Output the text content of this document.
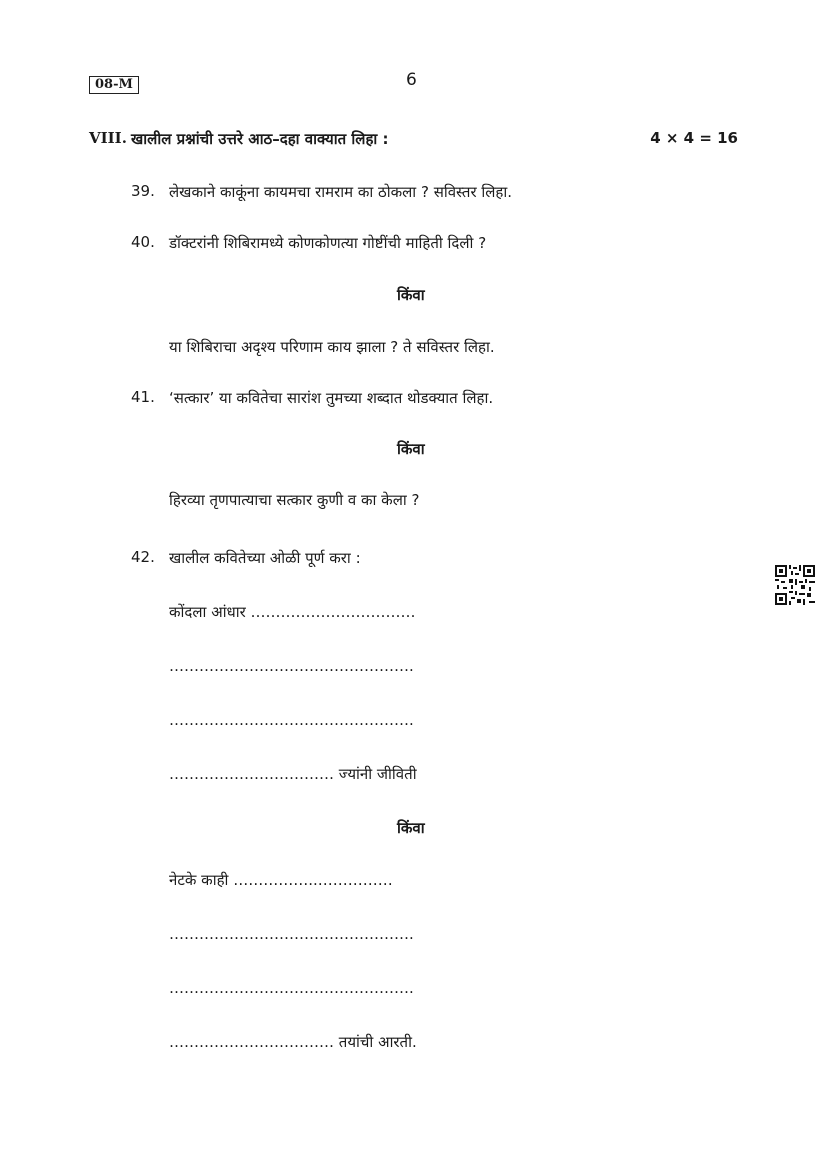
08-M	6
VIII. खालील प्रश्नांची उत्तरे आठ–दहा वाक्यात लिहा :	4 × 4 = 16
39. लेखकाने काकूंना कायमचा रामराम का ठोकला ? सविस्तर लिहा.
40. डॉक्टरांनी शिबिरामध्ये कोणकोणत्या गोष्टींची माहिती दिली ?
किंवा
या शिबिराचा अदृश्य परिणाम काय झाला ? ते सविस्तर लिहा.
41. ‘सत्कार’ या कवितेचा सारांश तुमच्या शब्दात थोडक्यात लिहा.
किंवा
हिरव्या तृणपात्याचा सत्कार कुणी व का केला ?
42. खालील कवितेच्या ओळी पूर्ण करा :
कोंदला आंधार ……………………………
………………………………………….
………………………………………….
…………………………… ज्यांनी जीविती
किंवा
नेटके काही ……………..……………
………………………………………….
………………………………………….
…………………………… तयांची आरती.
